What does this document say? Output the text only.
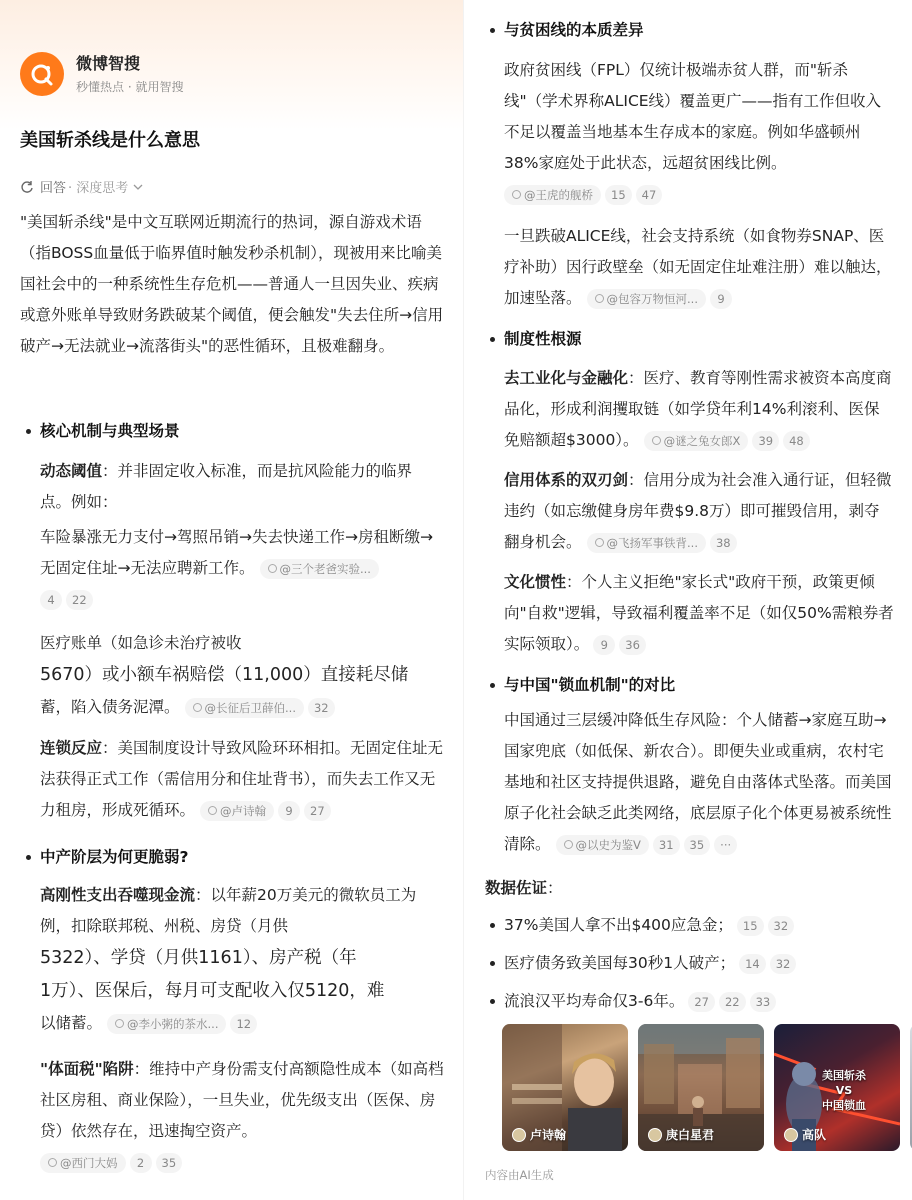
微博智搜
秒懂热点 · 就用智搜
美国斩杀线是什么意思
回答 · 深度思考
"美国斩杀线"是中文互联网近期流行的热词，源自游戏术语（指BOSS血量低于临界值时触发秒杀机制），现被用来比喻美国社会中的一种系统性生存危机——普通人一旦因失业、疾病或意外账单导致财务跌破某个阈值，便会触发"失去住所→信用破产→无法就业→流落街头"的恶性循环，且极难翻身。
核心机制与典型场景
动态阈值：并非固定收入标准，而是抗风险能力的临界点。例如：
车险暴涨无力支付→驾照吊销→失去快递工作→房租断缴→无固定住址→无法应聘新工作。 @三个老爸实验...

4 22
医疗账单（如急诊未治疗被收
5670）或小额车祸赔偿（11,000）直接耗尽储
蓄，陷入债务泥潭。 @长征后卫薛伯... 32
连锁反应：美国制度设计导致风险环环相扣。无固定住址无法获得正式工作（需信用分和住址背书），而失去工作又无力租房，形成死循环。 @卢诗翰 9 27
中产阶层为何更脆弱?
高刚性支出吞噬现金流：以年薪20万美元的微软员工为例，扣除联邦税、州税、房贷（月供
5322）、学贷（月供1161）、房产税（年
1万）、医保后，每月可支配收入仅5120，难
以储蓄。 @李小粥的茶水... 12
"体面税"陷阱：维持中产身份需支付高额隐性成本（如高档社区房租、商业保险），一旦失业，优先级支出（医保、房贷）依然存在，迅速掏空资产。

@西门大妈 2 35
与贫困线的本质差异
政府贫困线（FPL）仅统计极端赤贫人群，而"斩杀线"（学术界称ALICE线）覆盖更广——指有工作但收入不足以覆盖当地基本生存成本的家庭。例如华盛顿州38%家庭处于此状态，远超贫困线比例。

@王虎的舰桥 15 47
一旦跌破ALICE线，社会支持系统（如食物券SNAP、医疗补助）因行政壁垒（如无固定住址难注册）难以触达，加速坠落。 @包容万物恒河... 9
制度性根源
去工业化与金融化：医疗、教育等刚性需求被资本高度商品化，形成利润攫取链（如学贷年利14%利滚利、医保免赔额超$3000）。 @谜之兔女郎X 39 48
信用体系的双刃剑：信用分成为社会准入通行证，但轻微违约（如忘缴健身房年费$9.8万）即可摧毁信用，剥夺翻身机会。 @飞扬军事铁背... 38
文化惯性：个人主义拒绝"家长式"政府干预，政策更倾向"自救"逻辑，导致福利覆盖率不足（如仅50%需粮券者实际领取）。 9 36
与中国"锁血机制"的对比
中国通过三层缓冲降低生存风险：个人储蓄→家庭互助→国家兜底（如低保、新农合）。即便失业或重病，农村宅基地和社区支持提供退路，避免自由落体式坠落。而美国原子化社会缺乏此类网络，底层原子化个体更易被系统性清除。 @以史为鉴V 31 35 ···
数据佐证：
37%美国人拿不出$400应急金； 15 32
医疗债务致美国每30秒1人破产； 14 32
流浪汉平均寿命仅3-6年。 27 22 33
卢诗翰	庚白星君
美国斩杀
VS
中国锁血
高队
内容由AI生成
